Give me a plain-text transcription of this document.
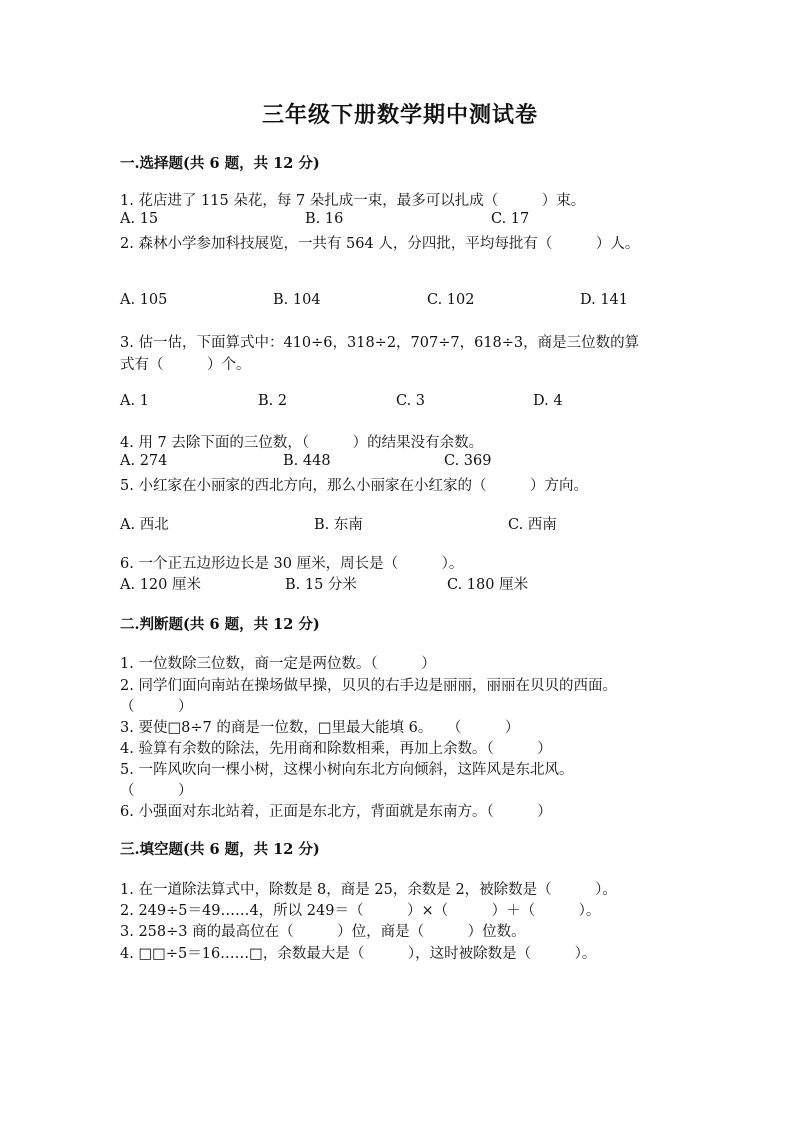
三年级下册数学期中测试卷
一.选择题(共 6 题，共 12 分)
1. 花店进了 115 朵花，每 7 朵扎成一束，最多可以扎成（　　　）束。
A. 15	B. 16	C. 17
2. 森林小学参加科技展览，一共有 564 人，分四批，平均每批有（　　　）人。
A. 105	B. 104	C. 102	D. 141
3. 估一估，下面算式中：410÷6，318÷2，707÷7，618÷3，商是三位数的算
式有（　　　）个。
A. 1	B. 2	C. 3	D. 4
4. 用 7 去除下面的三位数，（　　　）的结果没有余数。
A. 274	B. 448	C. 369
5. 小红家在小丽家的西北方向，那么小丽家在小红家的（　　　）方向。
A. 西北	B. 东南	C. 西南
6. 一个正五边形边长是 30 厘米，周长是（　　　）。
A. 120 厘米	B. 15 分米	C. 180 厘米
二.判断题(共 6 题，共 12 分)
1. 一位数除三位数，商一定是两位数。（　　　）
2. 同学们面向南站在操场做早操，贝贝的右手边是丽丽，丽丽在贝贝的西面。
（　　　）
3. 要使□8÷7 的商是一位数，□里最大能填 6。　　（　　　）
4. 验算有余数的除法，先用商和除数相乘，再加上余数。（　　　）
5. 一阵风吹向一棵小树，这棵小树向东北方向倾斜，这阵风是东北风。
（　　　）
6. 小强面对东北站着，正面是东北方，背面就是东南方。（　　　）
三.填空题(共 6 题，共 12 分)
1. 在一道除法算式中，除数是 8，商是 25，余数是 2，被除数是（　　　）。
2. 249÷5＝49……4，所以 249＝（　　　）×（　　　）＋（　　　）。
3. 258÷3 商的最高位在（　　　）位，商是（　　　）位数。
4. □□÷5＝16……□，余数最大是（　　　），这时被除数是（　　　）。
